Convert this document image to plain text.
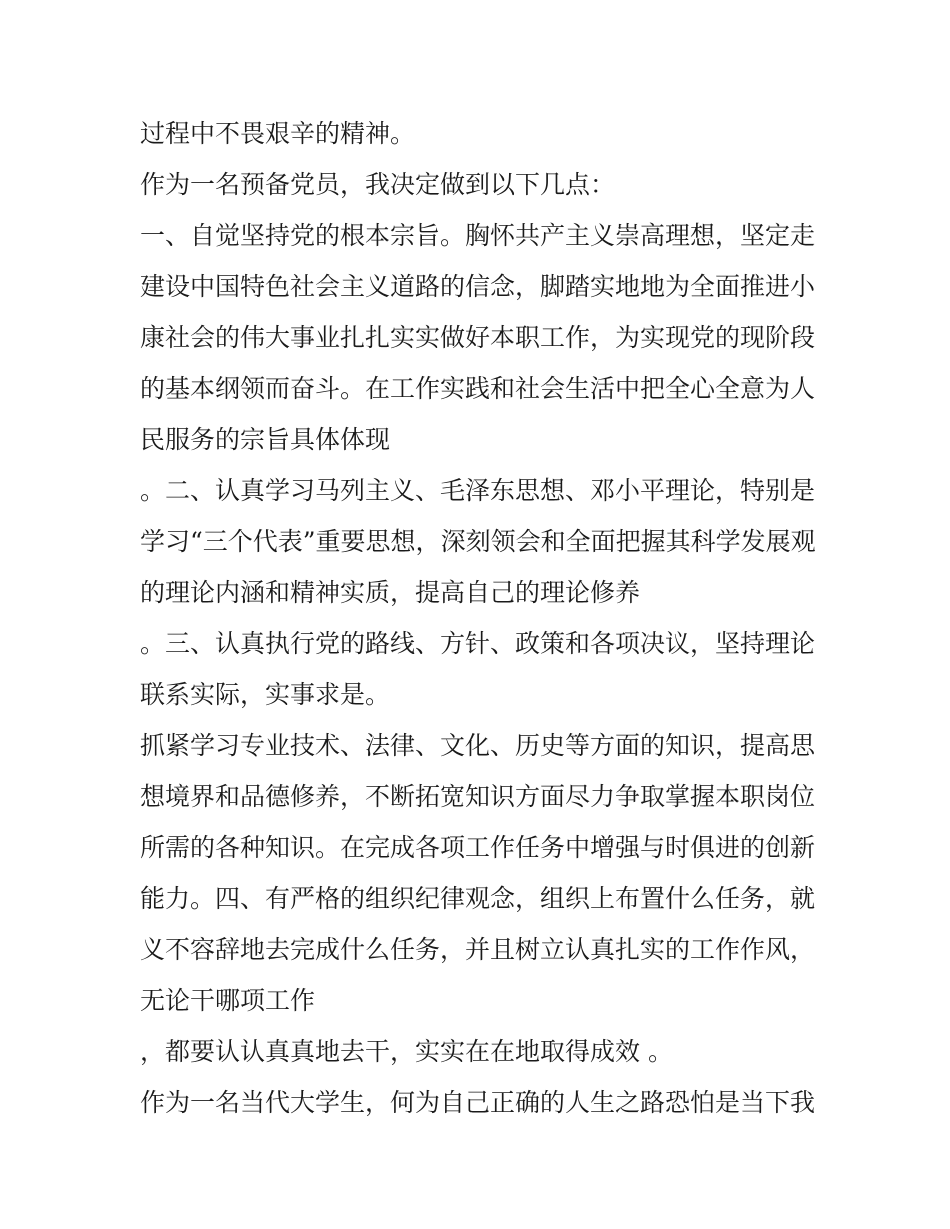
过程中不畏艰辛的精神。
作为一名预备党员，我决定做到以下几点：
一、自觉坚持党的根本宗旨。胸怀共产主义崇高理想，坚定走
建设中国特色社会主义道路的信念，脚踏实地地为全面推进小
康社会的伟大事业扎扎实实做好本职工作，为实现党的现阶段
的基本纲领而奋斗。在工作实践和社会生活中把全心全意为人
民服务的宗旨具体体现
。二、认真学习马列主义、毛泽东思想、邓小平理论，特别是
学习“三个代表”重要思想，深刻领会和全面把握其科学发展观
的理论内涵和精神实质，提高自己的理论修养
。三、认真执行党的路线、方针、政策和各项决议，坚持理论
联系实际，实事求是。
抓紧学习专业技术、法律、文化、历史等方面的知识，提高思
想境界和品德修养，不断拓宽知识方面尽力争取掌握本职岗位
所需的各种知识。在完成各项工作任务中增强与时俱进的创新
能力。四、有严格的组织纪律观念，组织上布置什么任务，就
义不容辞地去完成什么任务，并且树立认真扎实的工作作风，
无论干哪项工作
，都要认认真真地去干，实实在在地取得成效 。
作为一名当代大学生，何为自己正确的人生之路恐怕是当下我
